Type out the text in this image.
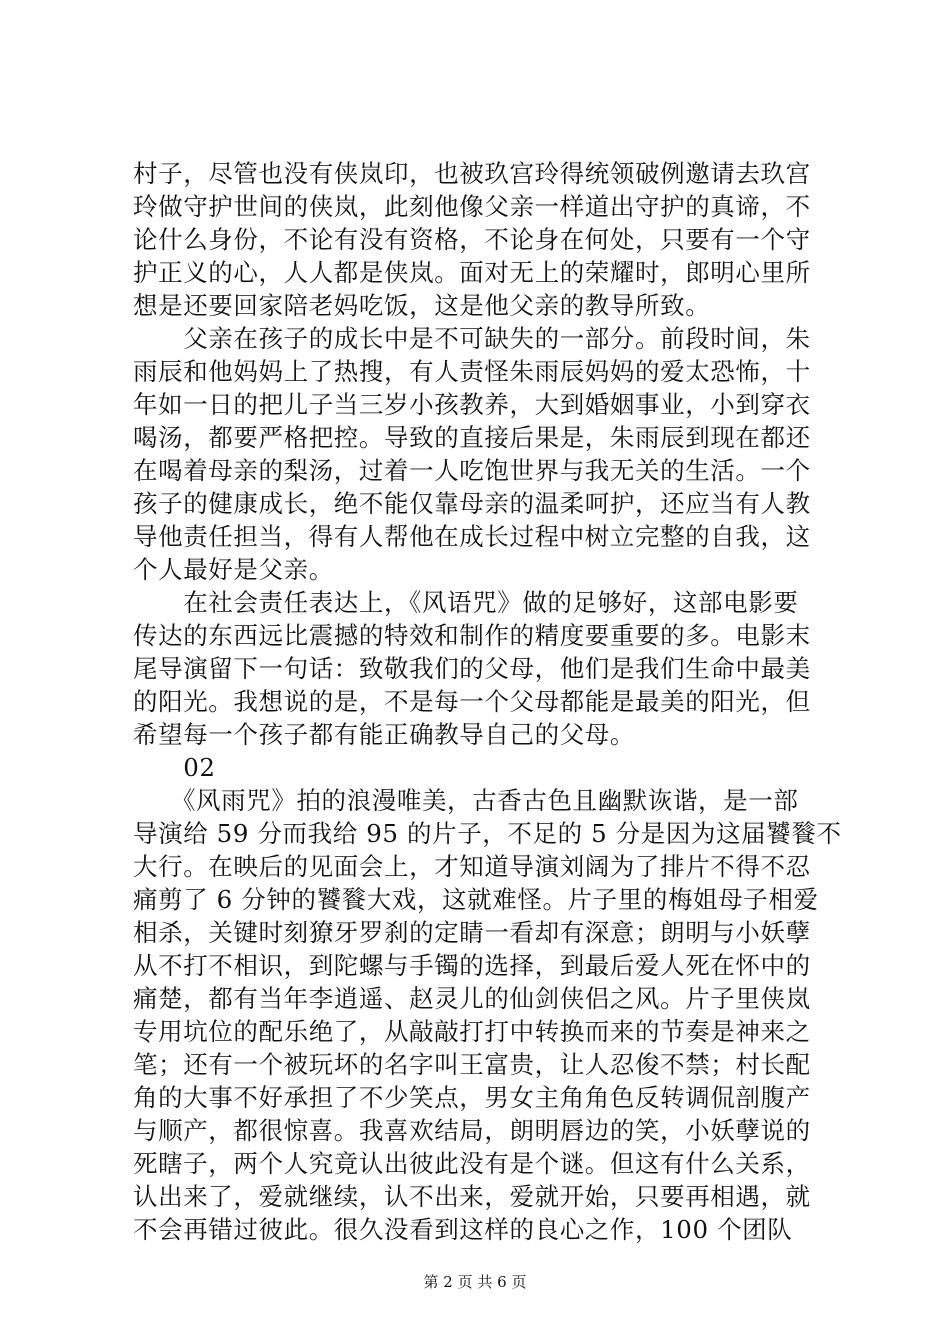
村子，尽管也没有侠岚印，也被玖宫玲得统领破例邀请去玖宫
玲做守护世间的侠岚，此刻他像父亲一样道出守护的真谛，不
论什么身份，不论有没有资格，不论身在何处，只要有一个守
护正义的心，人人都是侠岚。面对无上的荣耀时，郎明心里所
想是还要回家陪老妈吃饭，这是他父亲的教导所致。
　　父亲在孩子的成长中是不可缺失的一部分。前段时间，朱
雨辰和他妈妈上了热搜，有人责怪朱雨辰妈妈的爱太恐怖，十
年如一日的把儿子当三岁小孩教养，大到婚姻事业，小到穿衣
喝汤，都要严格把控。导致的直接后果是，朱雨辰到现在都还
在喝着母亲的梨汤，过着一人吃饱世界与我无关的生活。一个
孩子的健康成长，绝不能仅靠母亲的温柔呵护，还应当有人教
导他责任担当，得有人帮他在成长过程中树立完整的自我，这
个人最好是父亲。
　　在社会责任表达上，《风语咒》做的足够好，这部电影要
传达的东西远比震撼的特效和制作的精度要重要的多。电影末
尾导演留下一句话：致敬我们的父母，他们是我们生命中最美
的阳光。我想说的是，不是每一个父母都能是最美的阳光，但
希望每一个孩子都有能正确教导自己的父母。
　　02
　　《风雨咒》拍的浪漫唯美，古香古色且幽默诙谐，是一部
导演给 59 分而我给 95 的片子，不足的 5 分是因为这届饕餮不
大行。在映后的见面会上，才知道导演刘阔为了排片不得不忍
痛剪了 6 分钟的饕餮大戏，这就难怪。片子里的梅姐母子相爱
相杀，关键时刻獠牙罗刹的定睛一看却有深意；朗明与小妖孽
从不打不相识，到陀螺与手镯的选择，到最后爱人死在怀中的
痛楚，都有当年李逍遥、赵灵儿的仙剑侠侣之风。片子里侠岚
专用坑位的配乐绝了，从敲敲打打中转换而来的节奏是神来之
笔；还有一个被玩坏的名字叫王富贵，让人忍俊不禁；村长配
角的大事不好承担了不少笑点，男女主角角色反转调侃剖腹产
与顺产，都很惊喜。我喜欢结局，朗明唇边的笑，小妖孽说的
死瞎子，两个人究竟认出彼此没有是个谜。但这有什么关系，
认出来了，爱就继续，认不出来，爱就开始，只要再相遇，就
不会再错过彼此。很久没看到这样的良心之作，100 个团队
第 2 页 共 6 页
